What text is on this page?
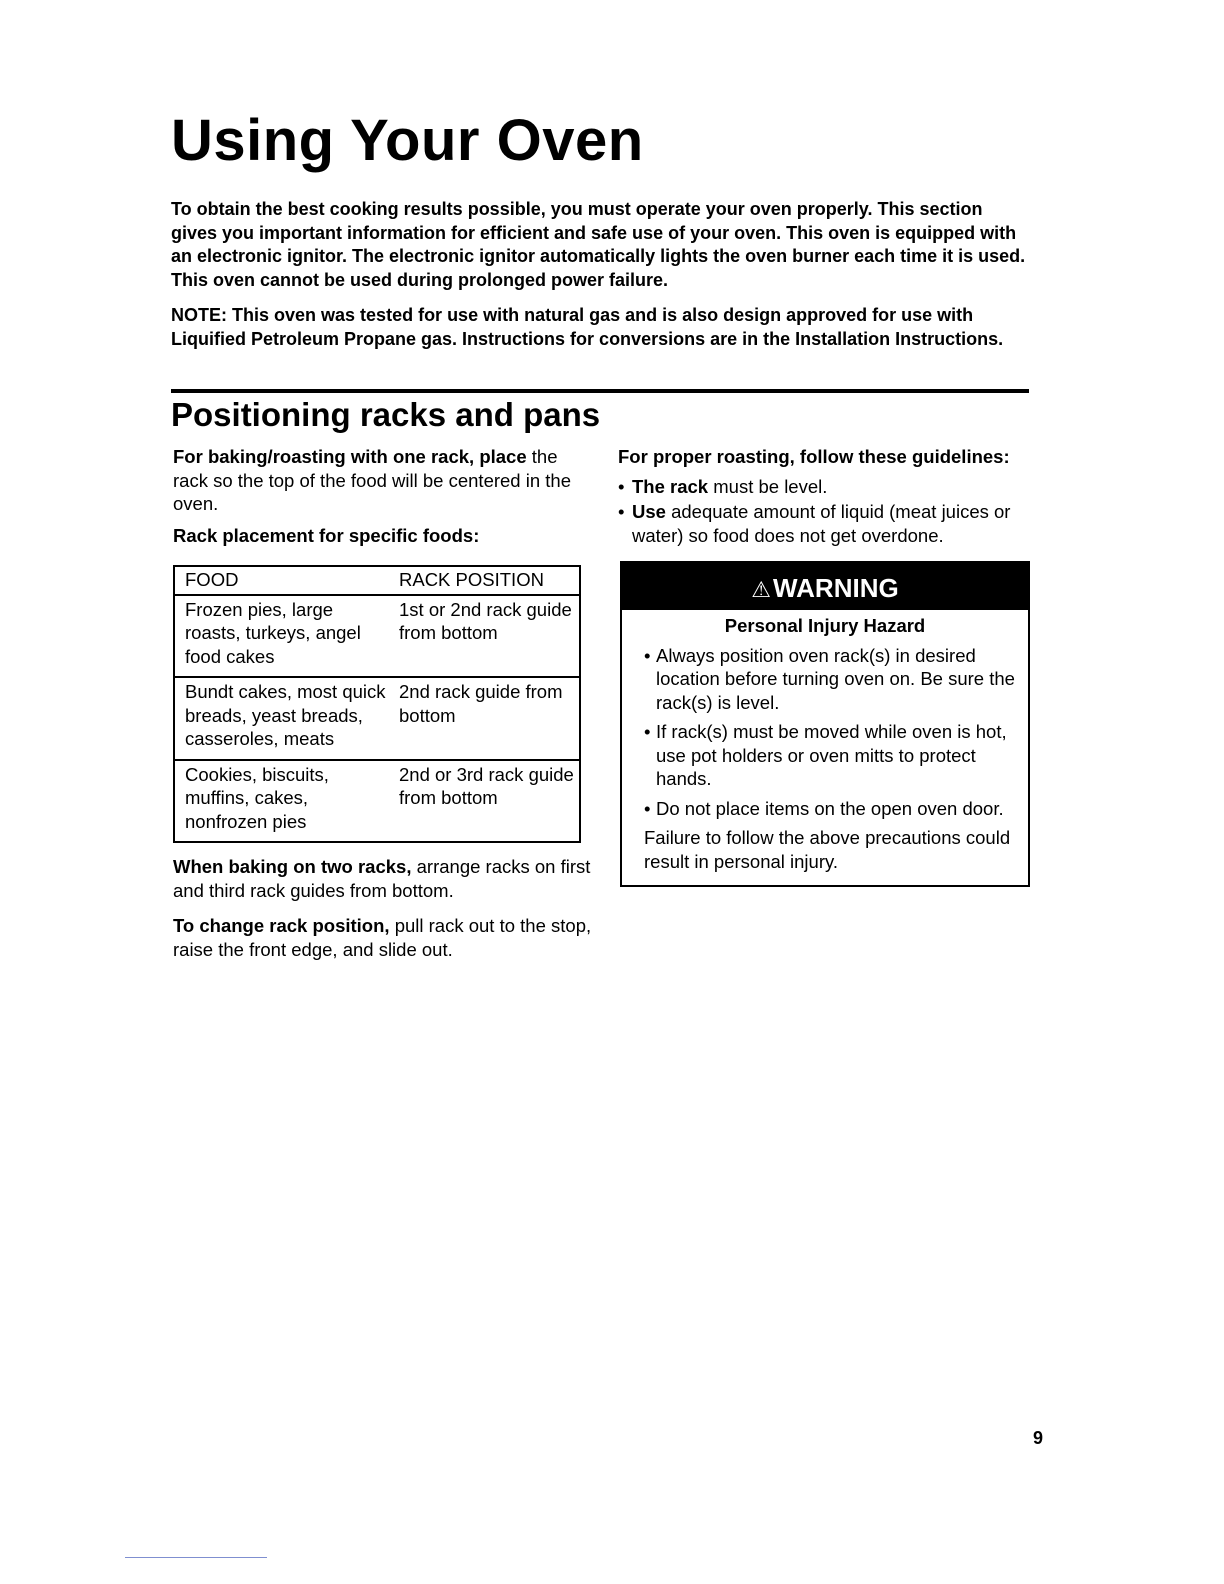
Using Your Oven

To obtain the best cooking results possible, you must operate your oven properly. This section gives you important information for efficient and safe use of your oven. This oven is equipped with an electronic ignitor. The electronic ignitor automatically lights the oven burner each time it is used. This oven cannot be used during prolonged power failure.

NOTE: This oven was tested for use with natural gas and is also design approved for use with Liquified Petroleum Propane gas. Instructions for conversions are in the Installation Instructions.

Positioning racks and pans

For baking/roasting with one rack, place the rack so the top of the food will be centered in the oven.

Rack placement for specific foods:

FOOD	RACK POSITION
Frozen pies, large roasts, turkeys, angel food cakes	1st or 2nd rack guide from bottom
Bundt cakes, most quick breads, yeast breads, casseroles, meats	2nd rack guide from bottom
Cookies, biscuits, muffins, cakes, nonfrozen pies	2nd or 3rd rack guide from bottom

When baking on two racks, arrange racks on first and third rack guides from bottom.

To change rack position, pull rack out to the stop, raise the front edge, and slide out.

For proper roasting, follow these guidelines:

• The rack must be level.
• Use adequate amount of liquid (meat juices or water) so food does not get overdone.
⚠WARNING

Personal Injury Hazard

• Always position oven rack(s) in desired location before turning oven on. Be sure the rack(s) is level.
• If rack(s) must be moved while oven is hot, use pot holders or oven mitts to protect hands.
• Do not place items on the open oven door.

Failure to follow the above precautions could result in personal injury.

9
